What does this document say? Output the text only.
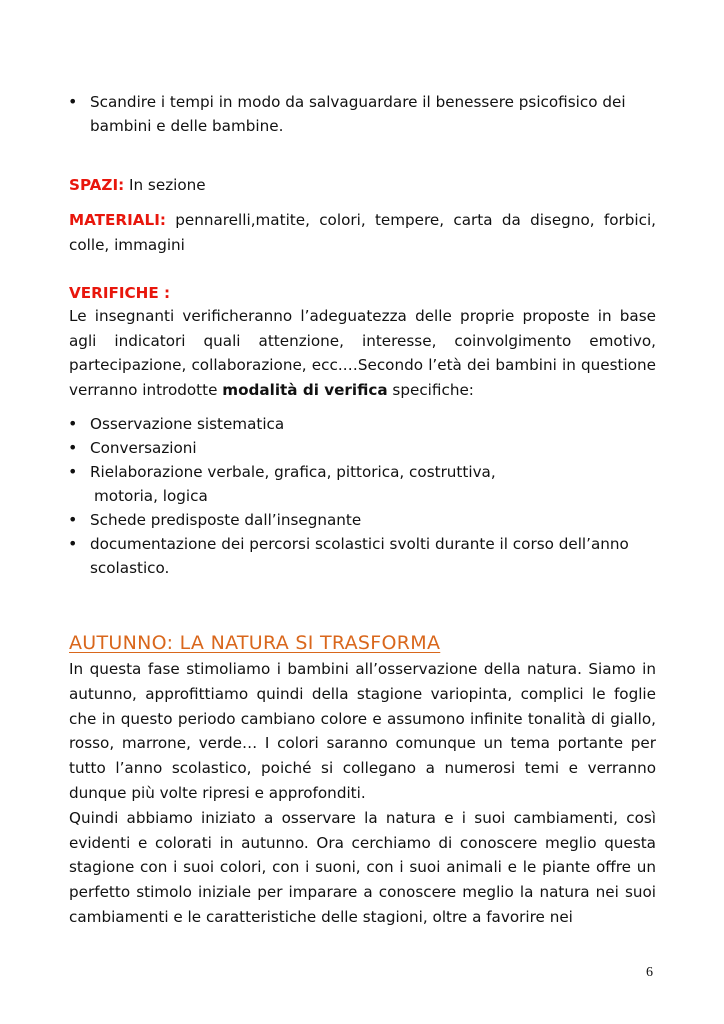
• Scandire i tempi in modo da salvaguardare il benessere psicofisico dei bambini e delle bambine.
SPAZI: In sezione
MATERIALI: pennarelli,matite, colori, tempere, carta da disegno, forbici, colle, immagini
VERIFICHE :
Le insegnanti verificheranno l’adeguatezza delle proprie proposte in base agli indicatori quali attenzione, interesse, coinvolgimento emotivo, partecipazione, collaborazione, ecc.…Secondo l’età dei bambini in questione verranno introdotte modalità di verifica specifiche:
• Osservazione sistematica
• Conversazioni
• Rielaborazione verbale, grafica, pittorica, costruttiva,
motoria, logica
• Schede predisposte dall’insegnante
• documentazione dei percorsi scolastici svolti durante il corso dell’anno scolastico.
AUTUNNO: LA NATURA SI TRASFORMA

In questa fase stimoliamo i bambini all’osservazione della natura. Siamo in autunno, approfittiamo quindi della stagione variopinta, complici le foglie che in questo periodo cambiano colore e assumono infinite tonalità di giallo, rosso, marrone, verde… I colori saranno comunque un tema portante per tutto l’anno scolastico, poiché si collegano a numerosi temi e verranno dunque più volte ripresi e approfonditi.

Quindi abbiamo iniziato a osservare la natura e i suoi cambiamenti, così evidenti e colorati in autunno. Ora cerchiamo di conoscere meglio questa stagione con i suoi colori, con i suoni, con i suoi animali e le piante offre un perfetto stimolo iniziale per imparare a conoscere meglio la natura nei suoi cambiamenti e le caratteristiche delle stagioni, oltre a favorire nei

6
